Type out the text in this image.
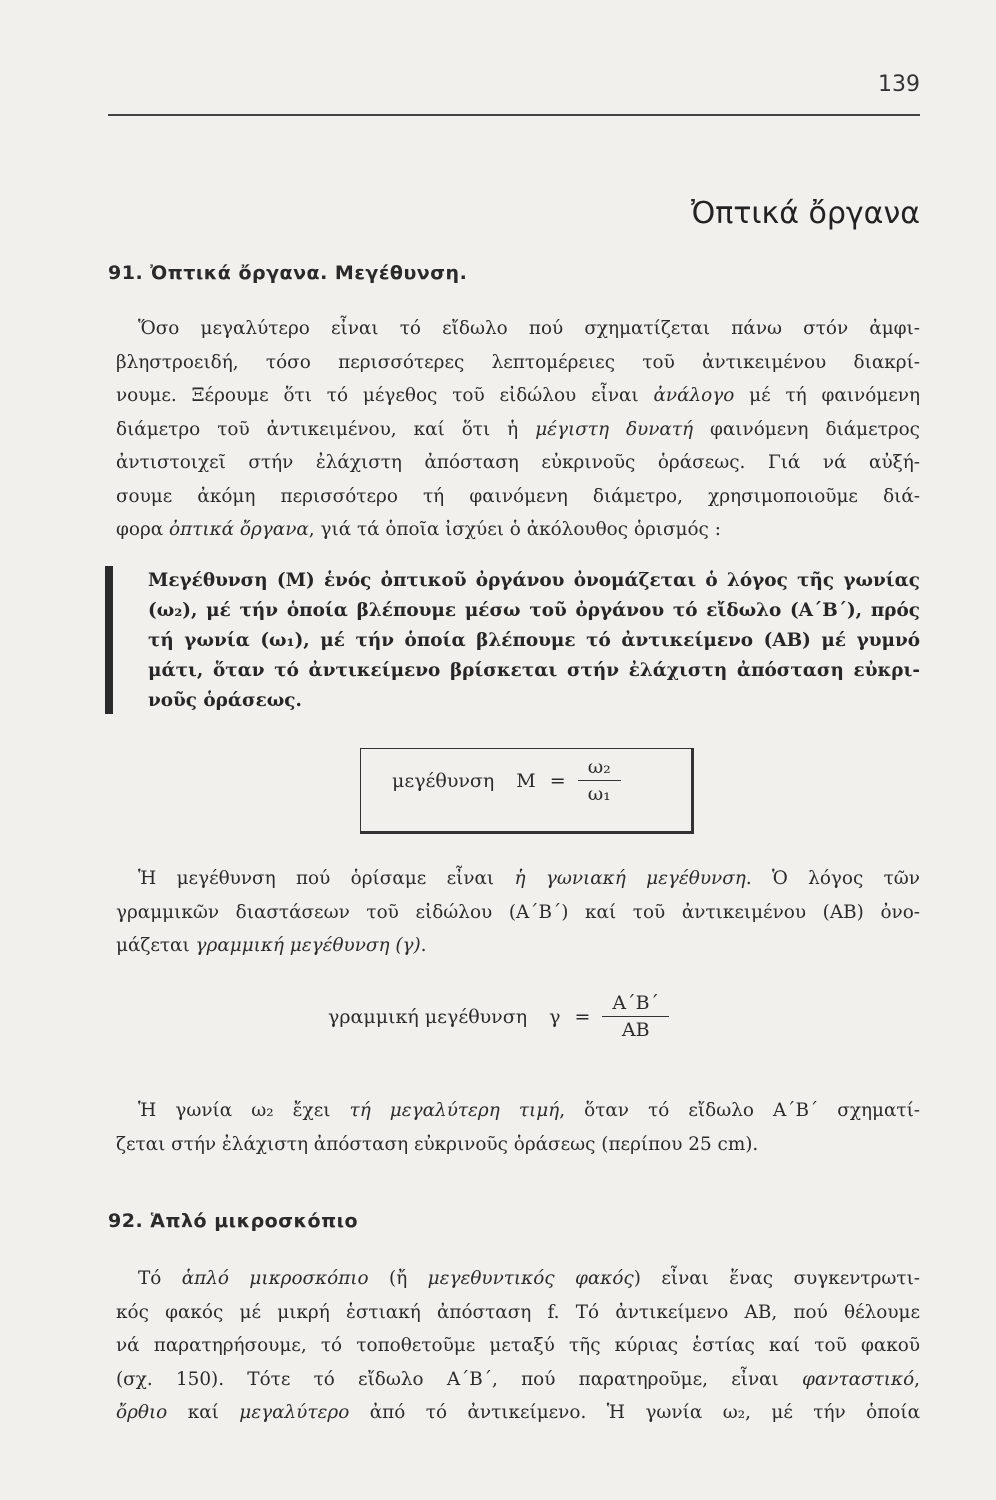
139
Ὀπτικά ὄργανα
91. Ὀπτικά ὄργανα. Μεγέθυνση.
Ὅσο μεγαλύτερο εἶναι τό εἴδωλο πού σχηματίζεται πάνω στόν ἀμφι-
βληστροειδή, τόσο περισσότερες λεπτομέρειες τοῦ ἀντικειμένου διακρί-
νουμε. Ξέρουμε ὅτι τό μέγεθος τοῦ εἰδώλου εἶναι ἀνάλογο μέ τή φαινόμενη
διάμετρο τοῦ ἀντικειμένου, καί ὅτι ἡ μέγιστη δυνατή φαινόμενη διάμετρος
ἀντιστοιχεῖ στήν ἐλάχιστη ἀπόσταση εὐκρινοῦς ὁράσεως. Γιά νά αὐξή-
σουμε ἀκόμη περισσότερο τή φαινόμενη διάμετρο, χρησιμοποιοῦμε διά-
φορα ὀπτικά ὄργανα, γιά τά ὁποῖα ἰσχύει ὁ ἀκόλουθος ὁρισμός :
Μεγέθυνση (Μ) ἑνός ὀπτικοῦ ὀργάνου ὀνομάζεται ὁ λόγος τῆς γωνίας
(ω₂), μέ τήν ὁποία βλέπουμε μέσω τοῦ ὀργάνου τό εἴδωλο (Α΄Β΄), πρός
τή γωνία (ω₁), μέ τήν ὁποία βλέπουμε τό ἀντικείμενο (ΑΒ) μέ γυμνό
μάτι, ὅταν τό ἀντικείμενο βρίσκεται στήν ἐλάχιστη ἀπόσταση εὐκρι-
νοῦς ὁράσεως.
μεγέθυνση $M = \frac{\text{ω₂}}{\text{ω₁}}$
Ἡ μεγέθυνση πού ὁρίσαμε εἶναι ἡ γωνιακή μεγέθυνση. Ὁ λόγος τῶν
γραμμικῶν διαστάσεων τοῦ εἰδώλου (Α΄Β΄) καί τοῦ ἀντικειμένου (ΑΒ) ὀνο-
μάζεται γραμμική μεγέθυνση (γ).
γραμμική μεγέθυνση $\gamma = \frac{A΄B΄}{AB}$
Ἡ γωνία ω₂ ἔχει τή μεγαλύτερη τιμή, ὅταν τό εἴδωλο Α΄Β΄ σχηματί-
ζεται στήν ἐλάχιστη ἀπόσταση εὐκρινοῦς ὁράσεως (περίπου 25 cm).
92. Ἁπλό μικροσκόπιο
Τό ἁπλό μικροσκόπιο (ἤ μεγεθυντικός φακός) εἶναι ἕνας συγκεντρωτι-
κός φακός μέ μικρή ἑστιακή ἀπόσταση f. Τό ἀντικείμενο ΑΒ, πού θέλουμε
νά παρατηρήσουμε, τό τοποθετοῦμε μεταξύ τῆς κύριας ἑστίας καί τοῦ φακοῦ
(σχ. 150). Τότε τό εἴδωλο Α΄Β΄, πού παρατηροῦμε, εἶναι φανταστικό,
ὄρθιο καί μεγαλύτερο ἀπό τό ἀντικείμενο. Ἡ γωνία ω₂, μέ τήν ὁποία
